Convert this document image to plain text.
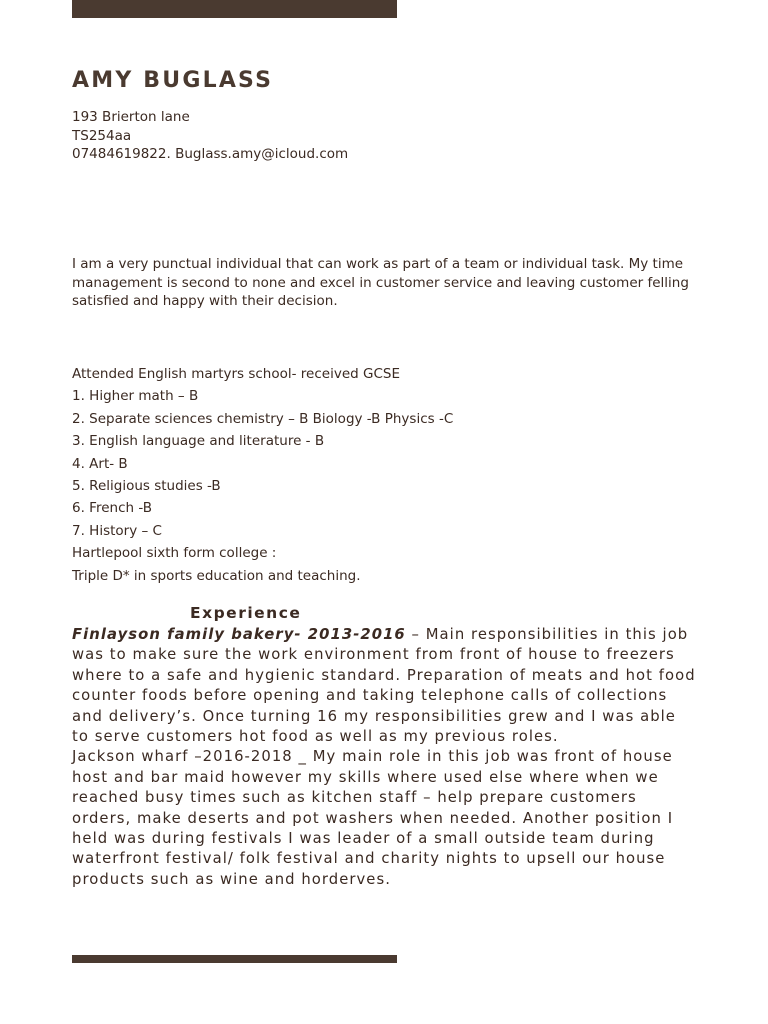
AMY BUGLASS
193 Brierton lane
TS254aa
07484619822. Buglass.amy@icloud.com

I am a very punctual individual that can work as part of a team or individual task. My time management is second to none and excel in customer service and leaving customer felling satisfied and happy with their decision.

Attended English martyrs school- received GCSE
1. Higher math – B
2. Separate sciences chemistry – B Biology -B Physics -C
3. English language and literature - B
4. Art- B
5. Religious studies -B
6. French -B
7. History – C
Hartlepool sixth form college :
Triple D* in sports education and teaching.
Experience

Finlayson family bakery- 2013-2016 – Main responsibilities in this job was to make sure the work environment from front of house to freezers where to a safe and hygienic standard. Preparation of meats and hot food counter foods before opening and taking telephone calls of collections and delivery’s. Once turning 16 my responsibilities grew and I was able to serve customers hot food as well as my previous roles.

Jackson wharf –2016-2018 _ My main role in this job was front of house host and bar maid however my skills where used else where when we reached busy times such as kitchen staff – help prepare customers orders, make deserts and pot washers when needed. Another position I held was during festivals I was leader of a small outside team during waterfront festival/ folk festival and charity nights to upsell our house products such as wine and horderves.
